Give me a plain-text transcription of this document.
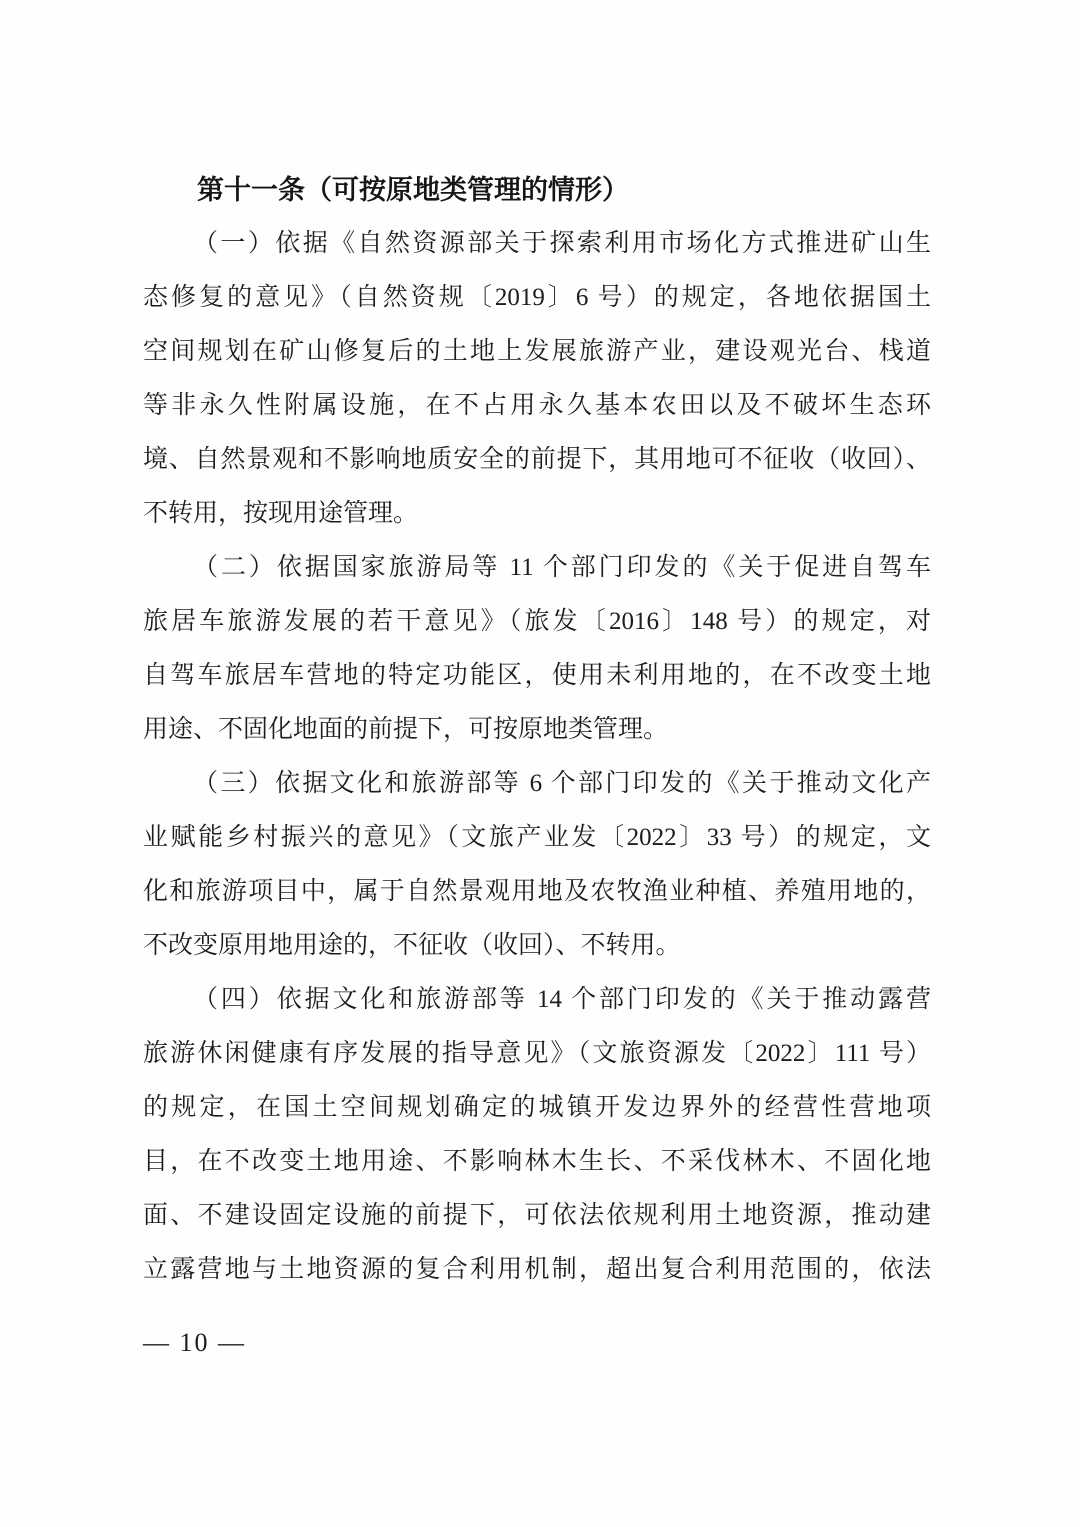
第十一条（可按原地类管理的情形）
（一）依据《自然资源部关于探索利用市场化方式推进矿山生
态修复的意见》（自然资规〔2019〕6 号）的规定，各地依据国土
空间规划在矿山修复后的土地上发展旅游产业，建设观光台、栈道
等非永久性附属设施，在不占用永久基本农田以及不破坏生态环
境、自然景观和不影响地质安全的前提下，其用地可不征收（收回）、
不转用，按现用途管理。
（二）依据国家旅游局等 11 个部门印发的《关于促进自驾车
旅居车旅游发展的若干意见》（旅发〔2016〕148 号）的规定，对
自驾车旅居车营地的特定功能区，使用未利用地的，在不改变土地
用途、不固化地面的前提下，可按原地类管理。
（三）依据文化和旅游部等 6 个部门印发的《关于推动文化产
业赋能乡村振兴的意见》（文旅产业发〔2022〕33 号）的规定，文
化和旅游项目中，属于自然景观用地及农牧渔业种植、养殖用地的，
不改变原用地用途的，不征收（收回）、不转用。
（四）依据文化和旅游部等 14 个部门印发的《关于推动露营
旅游休闲健康有序发展的指导意见》（文旅资源发〔2022〕111 号）
的规定，在国土空间规划确定的城镇开发边界外的经营性营地项
目，在不改变土地用途、不影响林木生长、不采伐林木、不固化地
面、不建设固定设施的前提下，可依法依规利用土地资源，推动建
立露营地与土地资源的复合利用机制，超出复合利用范围的，依法
— 10 —
